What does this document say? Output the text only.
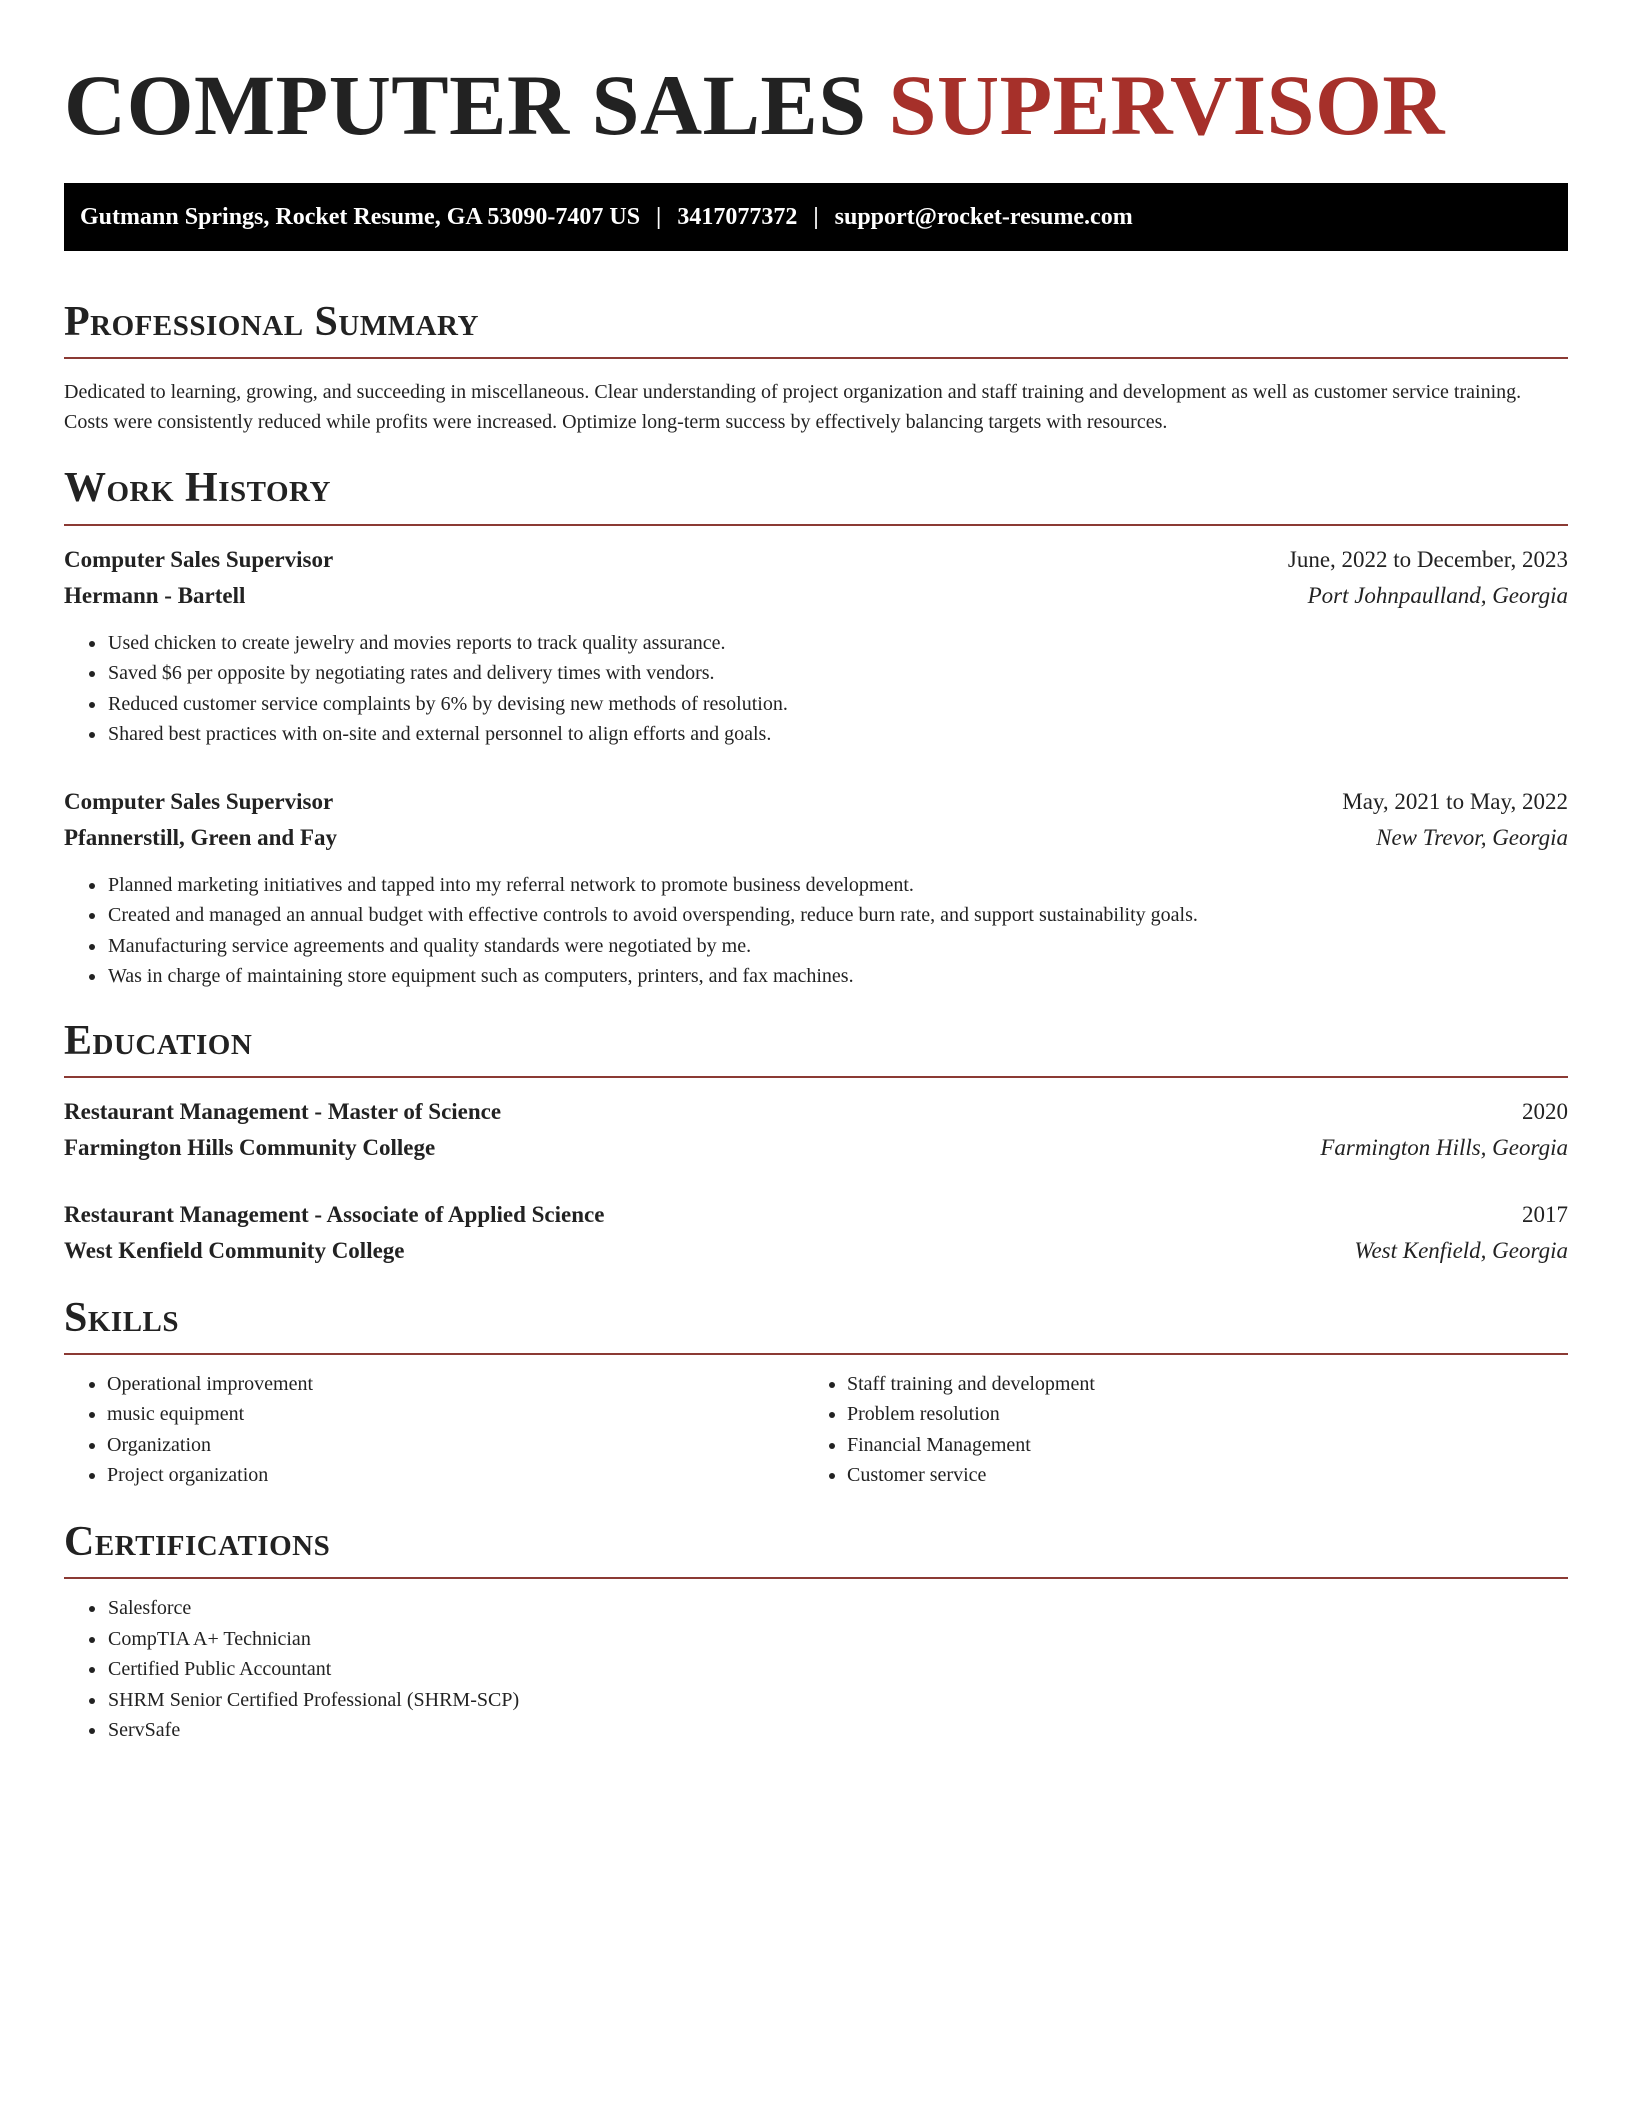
COMPUTER SALES SUPERVISOR
Gutmann Springs, Rocket Resume, GA 53090-7407 US | 3417077372 | support@rocket-resume.com
Professional Summary

Dedicated to learning, growing, and succeeding in miscellaneous. Clear understanding of project organization and staff training and development as well as customer service training. Costs were consistently reduced while profits were increased. Optimize long-term success by effectively balancing targets with resources.

Work History
Computer Sales Supervisor	June, 2022 to December, 2023
Hermann - Bartell	Port Johnpaulland, Georgia
• Used chicken to create jewelry and movies reports to track quality assurance.
• Saved $6 per opposite by negotiating rates and delivery times with vendors.
• Reduced customer service complaints by 6% by devising new methods of resolution.
• Shared best practices with on-site and external personnel to align efforts and goals.
Computer Sales Supervisor	May, 2021 to May, 2022
Pfannerstill, Green and Fay	New Trevor, Georgia
• Planned marketing initiatives and tapped into my referral network to promote business development.
• Created and managed an annual budget with effective controls to avoid overspending, reduce burn rate, and support sustainability goals.
• Manufacturing service agreements and quality standards were negotiated by me.
• Was in charge of maintaining store equipment such as computers, printers, and fax machines.
Education
Restaurant Management - Master of Science	2020
Farmington Hills Community College	Farmington Hills, Georgia
Restaurant Management - Associate of Applied Science	2017
West Kenfield Community College	West Kenfield, Georgia
Skills
• Operational improvement
• music equipment
• Organization
• Project organization
• Staff training and development
• Problem resolution
• Financial Management
• Customer service
Certifications
• Salesforce
• CompTIA A+ Technician
• Certified Public Accountant
• SHRM Senior Certified Professional (SHRM-SCP)
• ServSafe
